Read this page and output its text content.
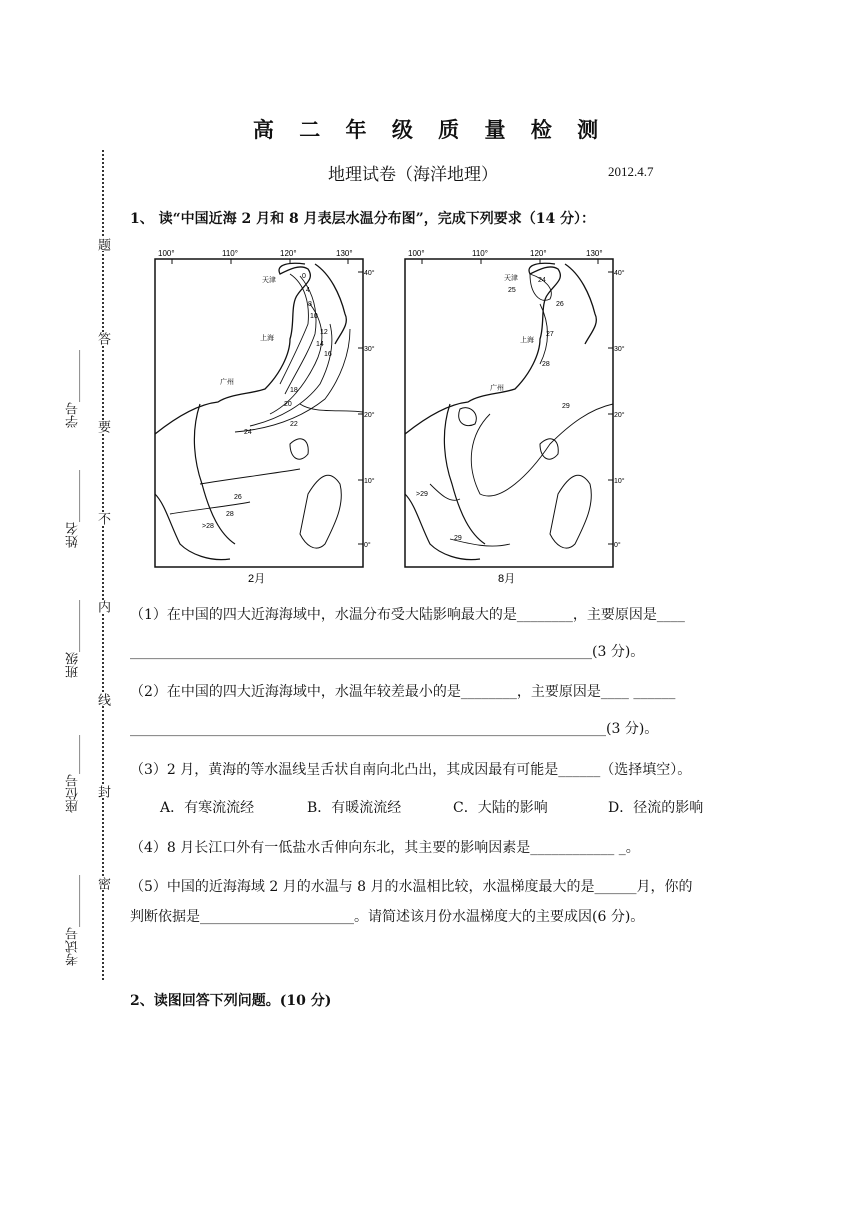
高 二 年 级 质 量 检 测
地理试卷（海洋地理）	2012.4.7
学号________
姓名________
班级________
座位号______
考试号________
题
答
要
不
内
线
封
密
1、 读“中国近海 2 月和 8 月表层水温分布图”，完成下列要求（14 分）：
100°	110°	120°	130°
40°
30°
20°
10°
0°
天津
上海
广州
0
4
8
10
12
14
16
18
20
22
24
26
28
>28
2月
100°	110°	120°	130°
40°
30°
20°
10°
0°
天津
上海
广州
24
25
26
27
28
29
>29
29
8月
（1）在中国的四大近海海域中，水温分布受大陆影响最大的是________，主要原因是____
__________________________________________________________________(3 分)。
（2）在中国的四大近海海域中，水温年较差最小的是________，主要原因是____ ______
____________________________________________________________________(3 分)。
（3）2 月，黄海的等水温线呈舌状自南向北凸出，其成因最有可能是______（选择填空）。
A．有寒流流经	B．有暖流流经	C．大陆的影响	D．径流的影响
（4）8 月长江口外有一低盐水舌伸向东北，其主要的影响因素是____________ _。
（5）中国的近海海域 2 月的水温与 8 月的水温相比较，水温梯度最大的是______月，你的
判断依据是______________________。请简述该月份水温梯度大的主要成因(6 分)。
2、读图回答下列问题。(10 分)
